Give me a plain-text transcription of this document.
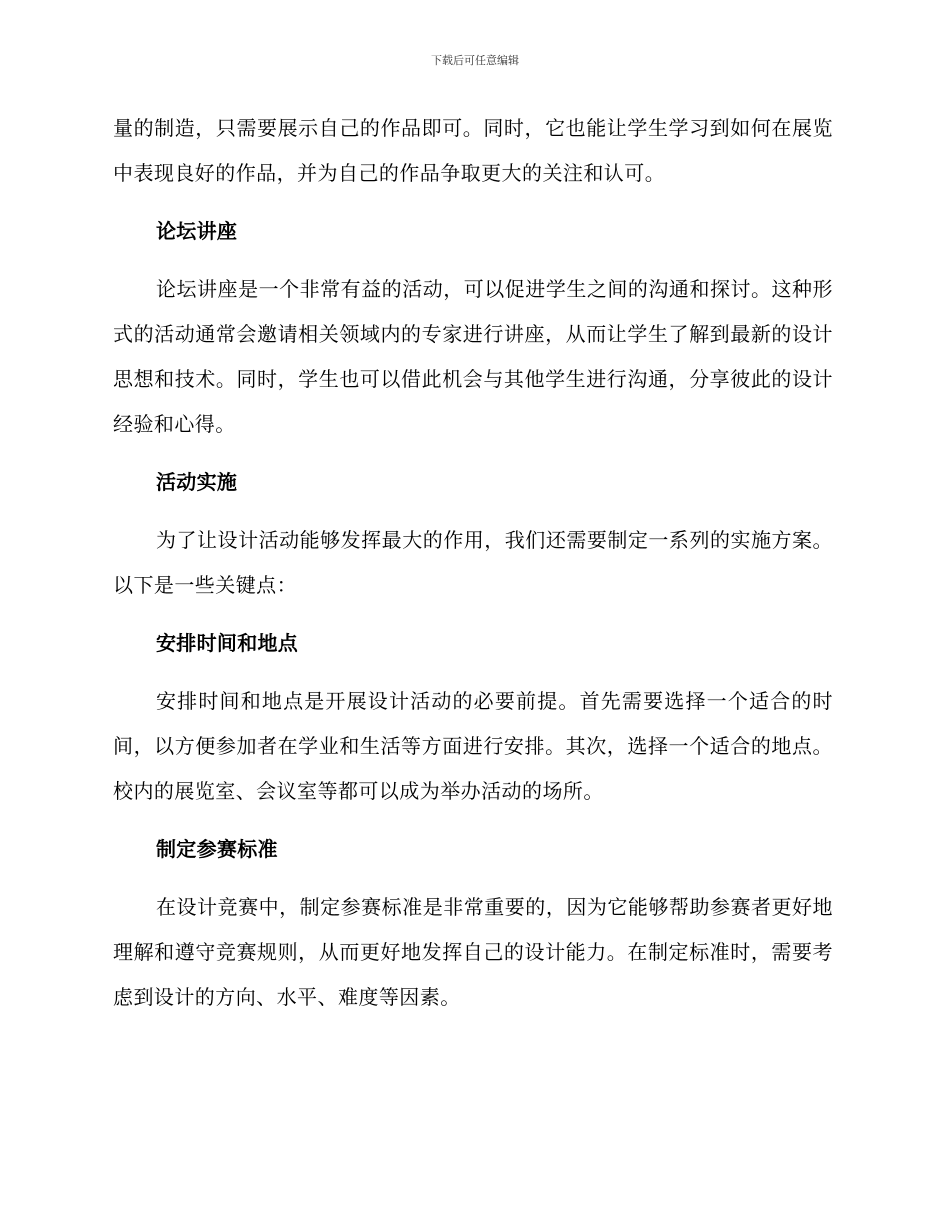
下载后可任意编辑

量的制造，只需要展示自己的作品即可。同时，它也能让学生学习到如何在展览中表现良好的作品，并为自己的作品争取更大的关注和认可。

论坛讲座

论坛讲座是一个非常有益的活动，可以促进学生之间的沟通和探讨。这种形式的活动通常会邀请相关领域内的专家进行讲座，从而让学生了解到最新的设计思想和技术。同时，学生也可以借此机会与其他学生进行沟通，分享彼此的设计经验和心得。

活动实施

为了让设计活动能够发挥最大的作用，我们还需要制定一系列的实施方案。以下是一些关键点：

安排时间和地点

安排时间和地点是开展设计活动的必要前提。首先需要选择一个适合的时间，以方便参加者在学业和生活等方面进行安排。其次，选择一个适合的地点。校内的展览室、会议室等都可以成为举办活动的场所。

制定参赛标准

在设计竞赛中，制定参赛标准是非常重要的，因为它能够帮助参赛者更好地理解和遵守竞赛规则，从而更好地发挥自己的设计能力。在制定标准时，需要考虑到设计的方向、水平、难度等因素。
